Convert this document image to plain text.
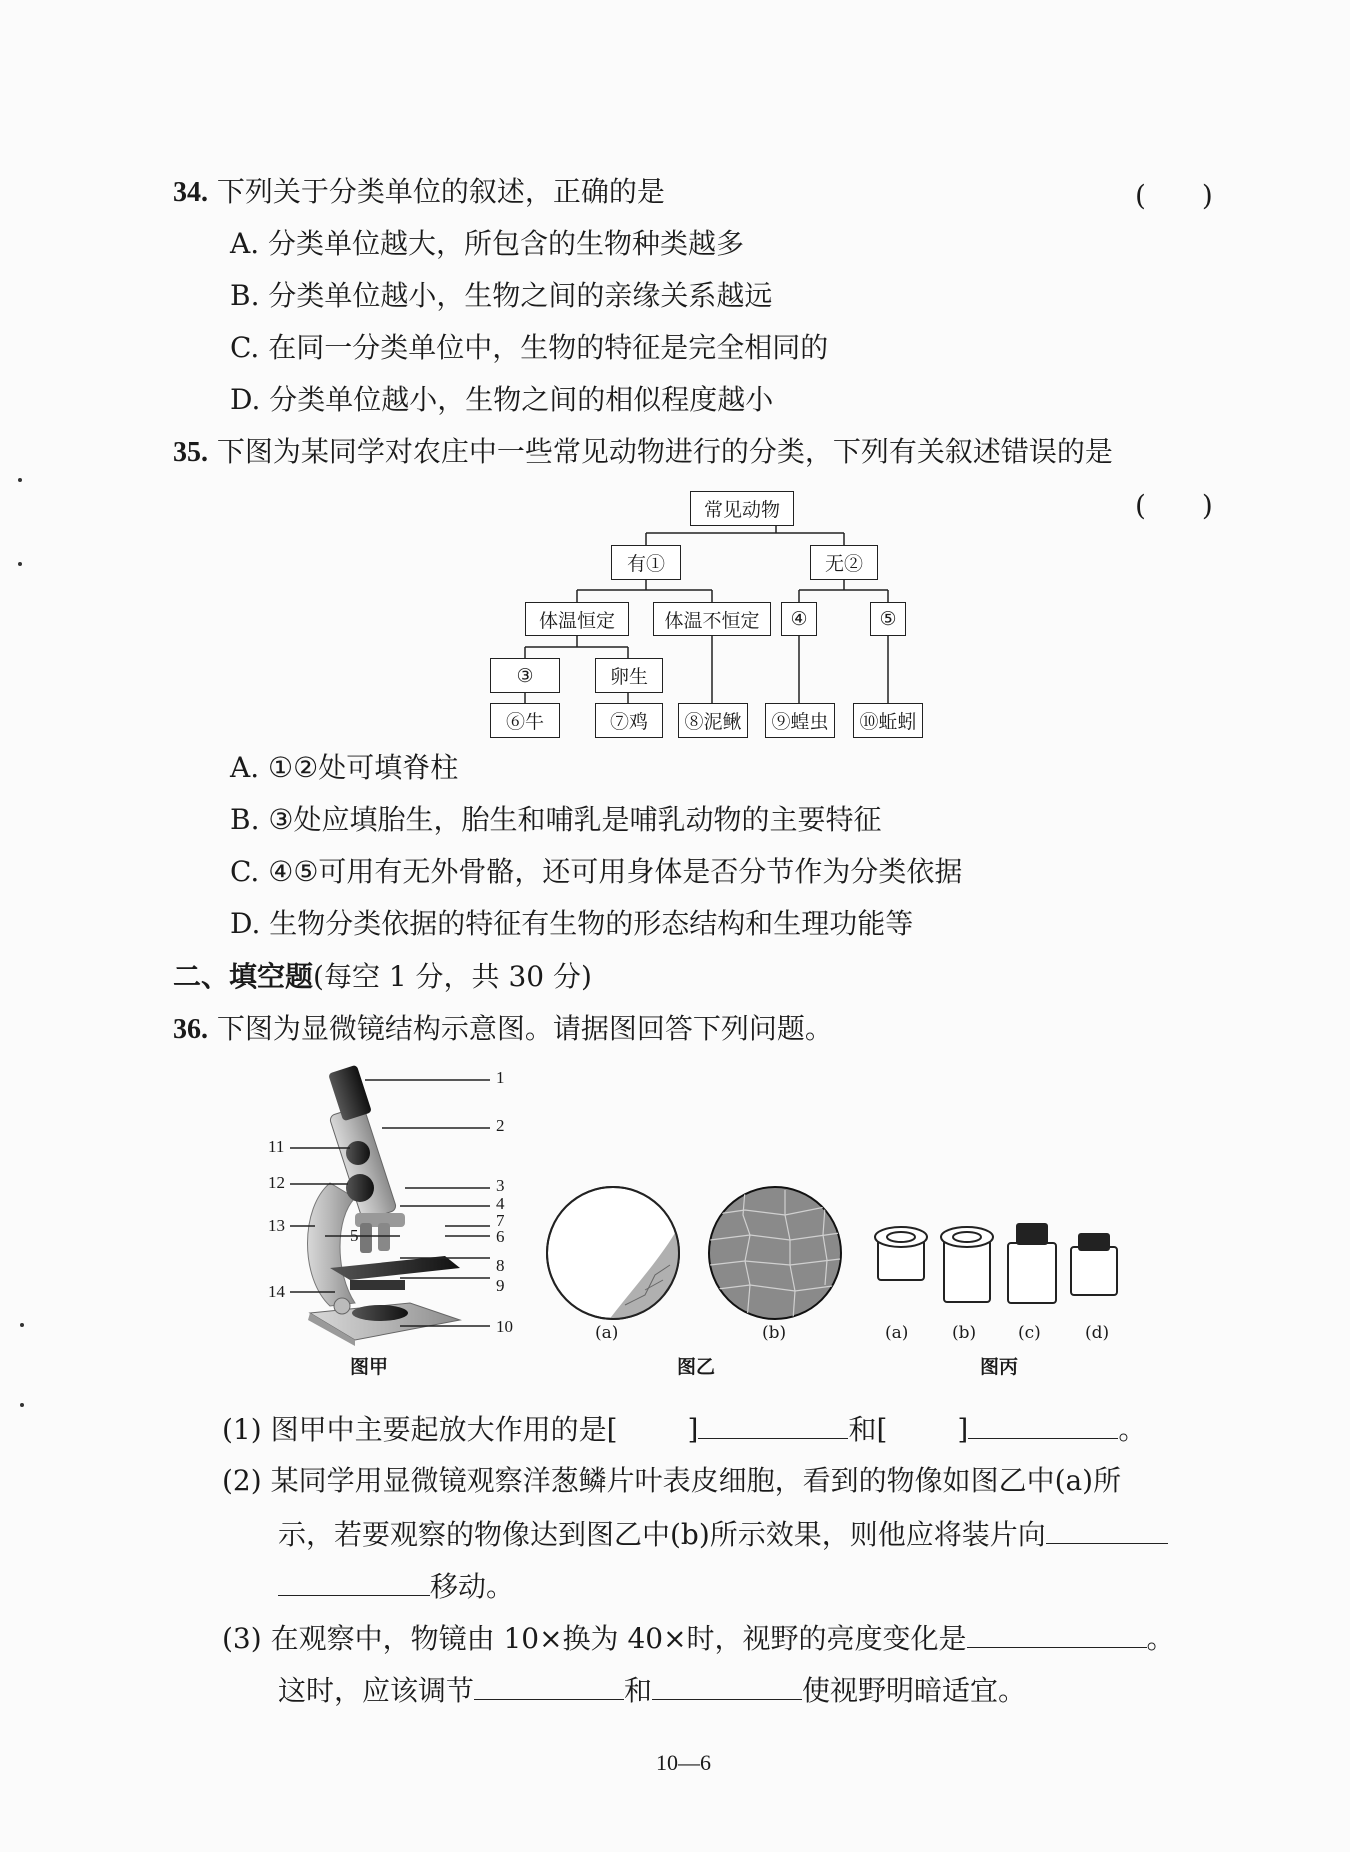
34. 下列关于分类单位的叙述，正确的是	(　　)
A. 分类单位越大，所包含的生物种类越多
B. 分类单位越小，生物之间的亲缘关系越远
C. 在同一分类单位中，生物的特征是完全相同的
D. 分类单位越小，生物之间的相似程度越小
35. 下图为某同学对农庄中一些常见动物进行的分类，下列有关叙述错误的是
(　　)
常见动物
有①	无②
体温恒定	体温不恒定	④	⑤
③	卵生
⑥牛	⑦鸡	⑧泥鳅	⑨蝗虫	⑩蚯蚓
A. ①②处可填脊柱
B. ③处应填胎生，胎生和哺乳是哺乳动物的主要特征
C. ④⑤可用有无外骨骼，还可用身体是否分节作为分类依据
D. 生物分类依据的特征有生物的形态结构和生理功能等
二、填空题(每空 1 分，共 30 分)
36. 下图为显微镜结构示意图。请据图回答下列问题。
1
2
3
4
5	6
7
8
9
10
11
12
13
14
图甲
(a)	(b)
图乙
(a)	(b) (c)	(d)
图丙
(1) 图甲中主要起放大作用的是[	]	和[	]	。
(2) 某同学用显微镜观察洋葱鳞片叶表皮细胞，看到的物像如图乙中(a)所
示，若要观察的物像达到图乙中(b)所示效果，则他应将装片向
移动。
(3) 在观察中，物镜由 10×换为 40×时，视野的亮度变化是	。
这时，应该调节	和	使视野明暗适宜。
10—6
